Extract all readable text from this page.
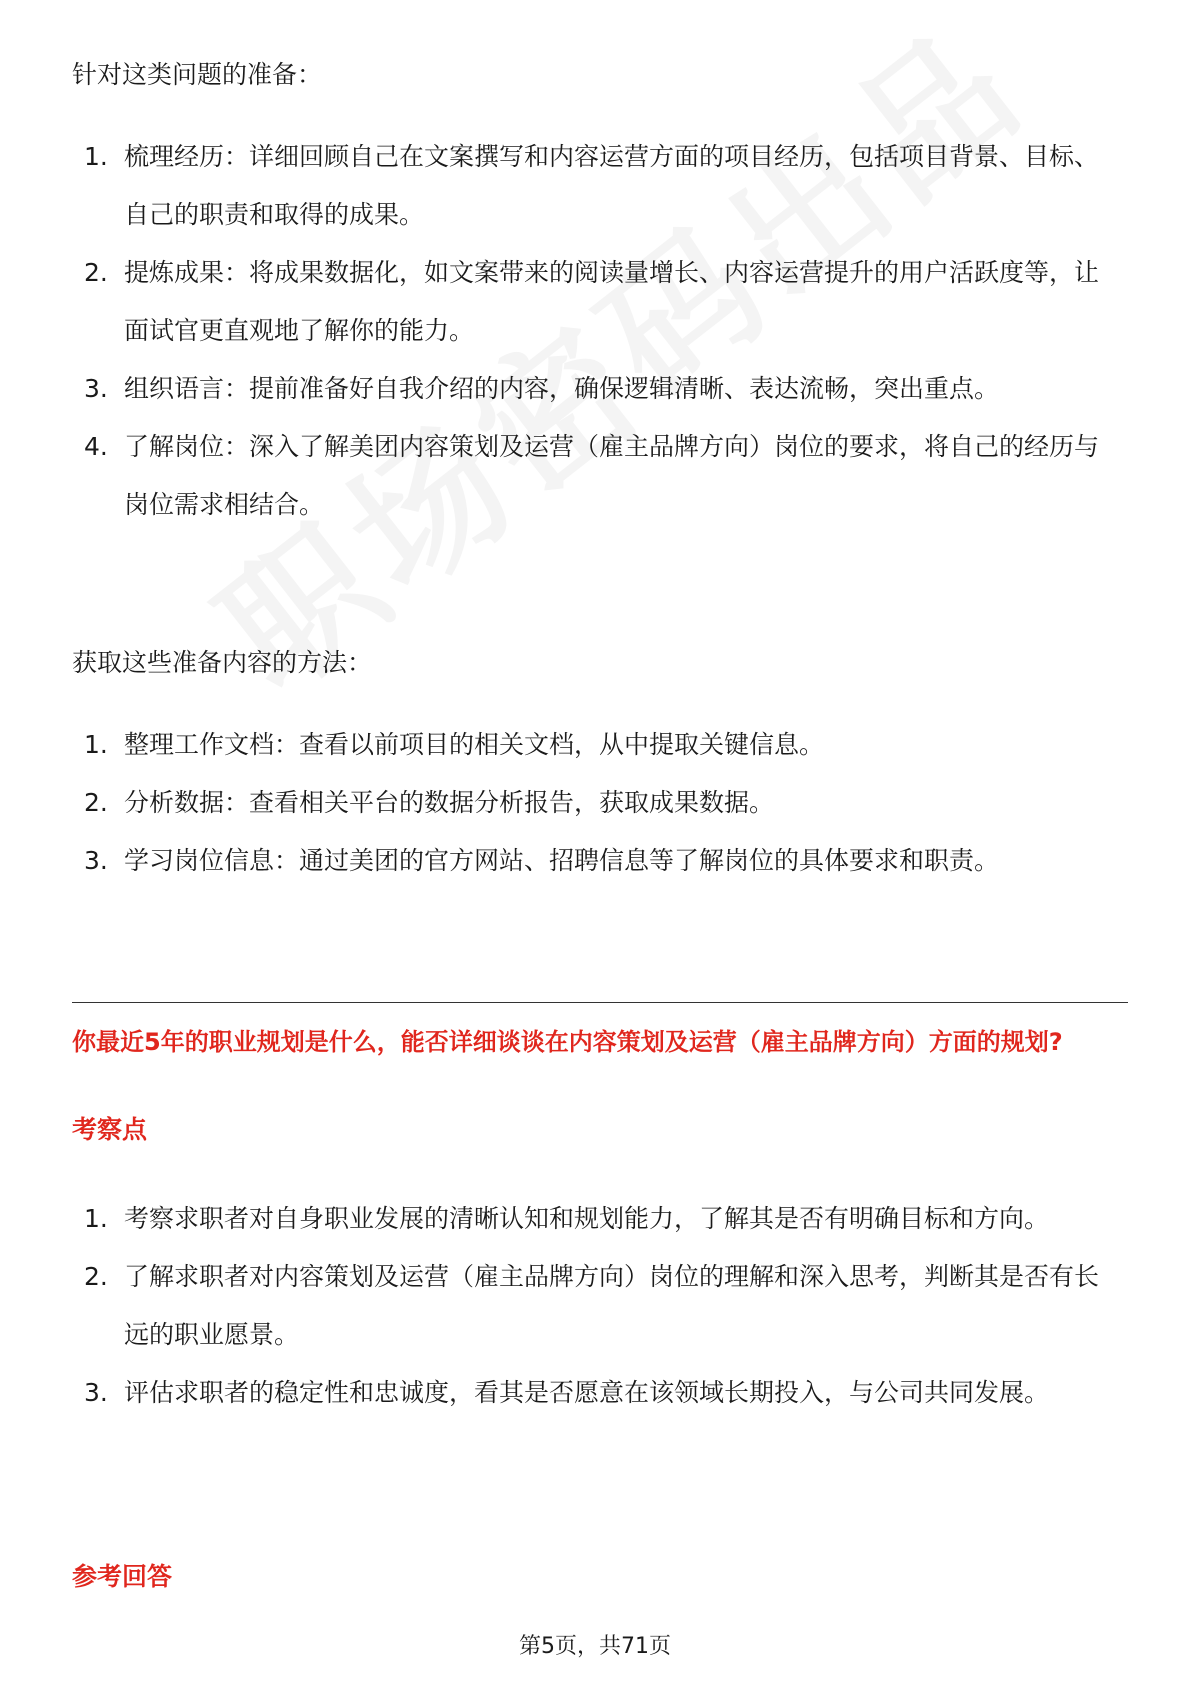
针对这类问题的准备：
1. 梳理经历：详细回顾自己在文案撰写和内容运营方面的项目经历，包括项目背景、目标、自己的职责和取得的成果。
2. 提炼成果：将成果数据化，如文案带来的阅读量增长、内容运营提升的用户活跃度等，让面试官更直观地了解你的能力。
3. 组织语言：提前准备好自我介绍的内容，确保逻辑清晰、表达流畅，突出重点。
4. 了解岗位：深入了解美团内容策划及运营（雇主品牌方向）岗位的要求，将自己的经历与岗位需求相结合。
获取这些准备内容的方法：
1. 整理工作文档：查看以前项目的相关文档，从中提取关键信息。
2. 分析数据：查看相关平台的数据分析报告，获取成果数据。
3. 学习岗位信息：通过美团的官方网站、招聘信息等了解岗位的具体要求和职责。
你最近5年的职业规划是什么，能否详细谈谈在内容策划及运营（雇主品牌方向）方面的规划?
考察点
1. 考察求职者对自身职业发展的清晰认知和规划能力，了解其是否有明确目标和方向。
2. 了解求职者对内容策划及运营（雇主品牌方向）岗位的理解和深入思考，判断其是否有长远的职业愿景。
3. 评估求职者的稳定性和忠诚度，看其是否愿意在该领域长期投入，与公司共同发展。
参考回答
第5页，共71页
